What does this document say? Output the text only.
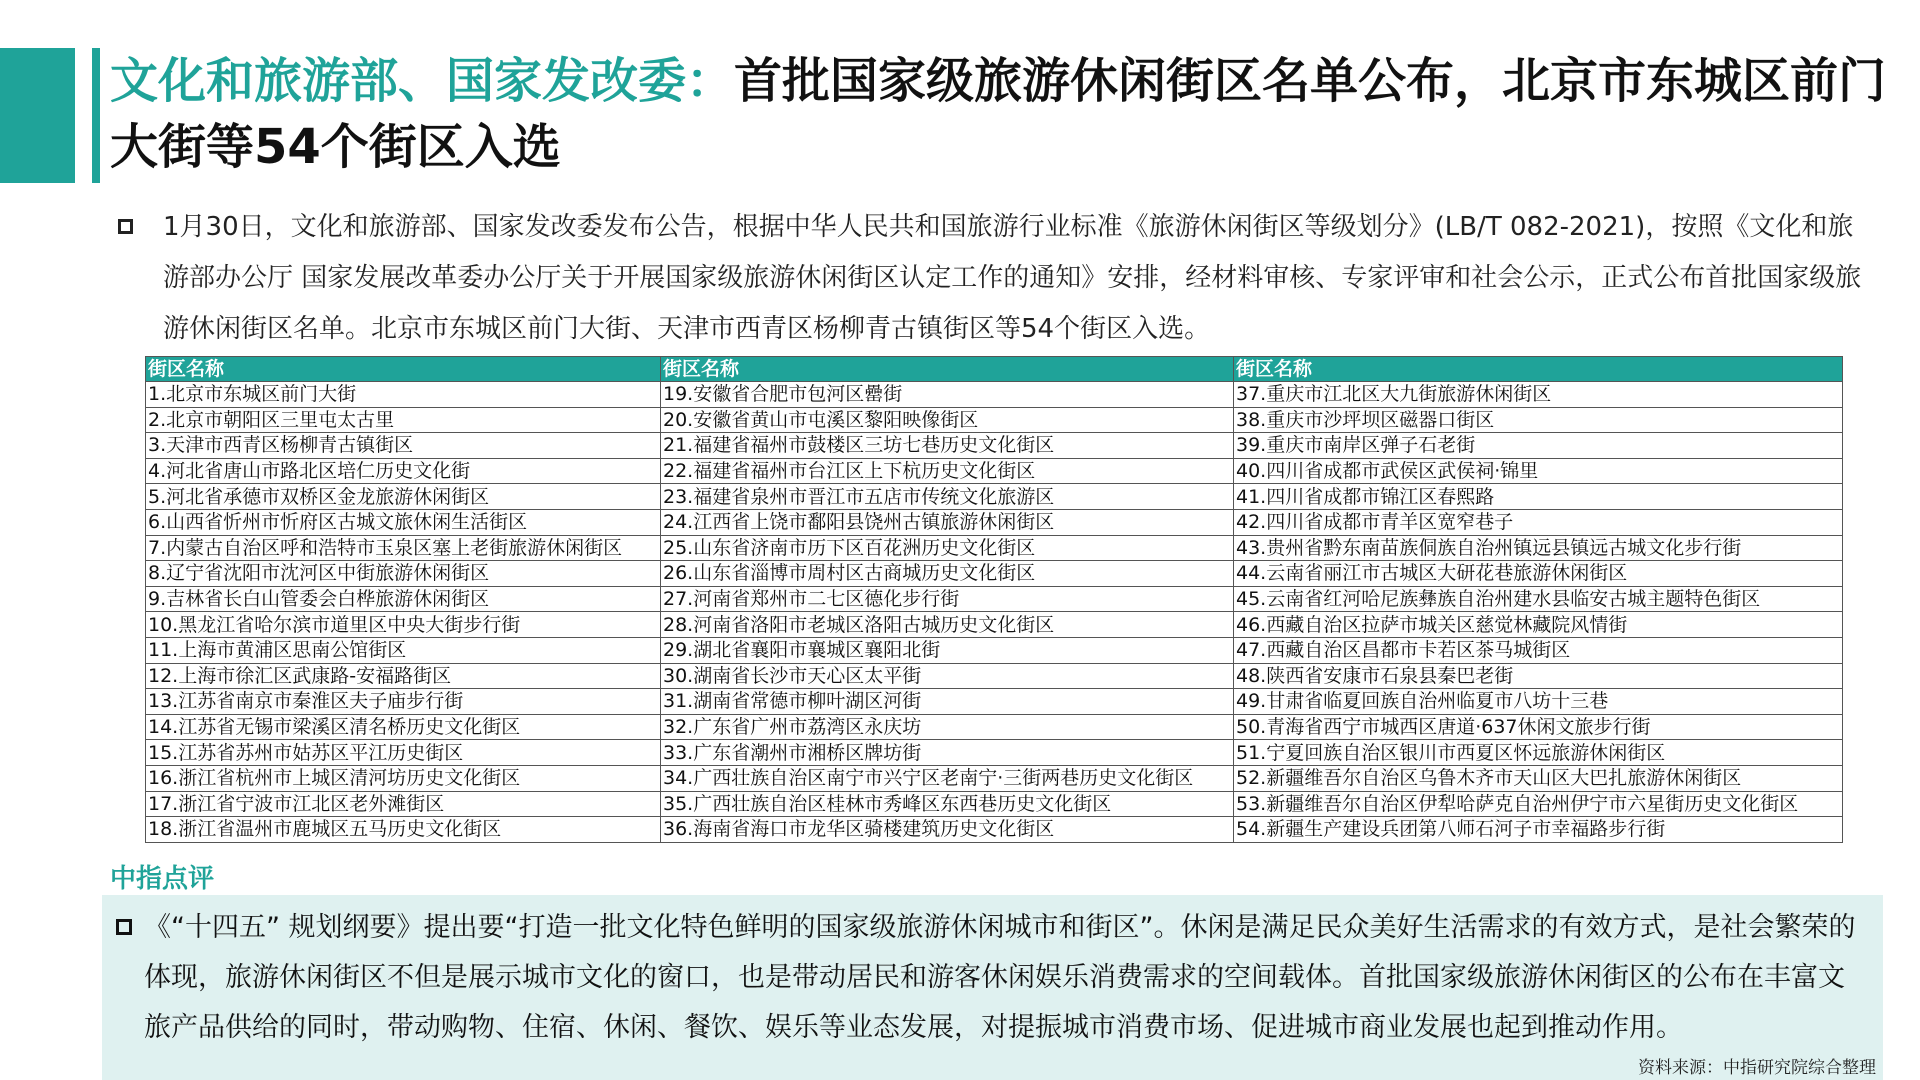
文化和旅游部、国家发改委：首批国家级旅游休闲街区名单公布，北京市东城区前门大街等54个街区入选
1月30日，文化和旅游部、国家发改委发布公告，根据中华人民共和国旅游行业标准《旅游休闲街区等级划分》(LB/T 082-2021)，按照《文化和旅游部办公厅 国家发展改革委办公厅关于开展国家级旅游休闲街区认定工作的通知》安排，经材料审核、专家评审和社会公示，正式公布首批国家级旅游休闲街区名单。北京市东城区前门大街、天津市西青区杨柳青古镇街区等54个街区入选。
街区名称	街区名称	街区名称
1.北京市东城区前门大街	19.安徽省合肥市包河区罍街	37.重庆市江北区大九街旅游休闲街区
2.北京市朝阳区三里屯太古里	20.安徽省黄山市屯溪区黎阳映像街区	38.重庆市沙坪坝区磁器口街区
3.天津市西青区杨柳青古镇街区	21.福建省福州市鼓楼区三坊七巷历史文化街区	39.重庆市南岸区弹子石老街
4.河北省唐山市路北区培仁历史文化街	22.福建省福州市台江区上下杭历史文化街区	40.四川省成都市武侯区武侯祠·锦里
5.河北省承德市双桥区金龙旅游休闲街区	23.福建省泉州市晋江市五店市传统文化旅游区	41.四川省成都市锦江区春熙路
6.山西省忻州市忻府区古城文旅休闲生活街区	24.江西省上饶市鄱阳县饶州古镇旅游休闲街区	42.四川省成都市青羊区宽窄巷子
7.内蒙古自治区呼和浩特市玉泉区塞上老街旅游休闲街区	25.山东省济南市历下区百花洲历史文化街区	43.贵州省黔东南苗族侗族自治州镇远县镇远古城文化步行街
8.辽宁省沈阳市沈河区中街旅游休闲街区	26.山东省淄博市周村区古商城历史文化街区	44.云南省丽江市古城区大研花巷旅游休闲街区
9.吉林省长白山管委会白桦旅游休闲街区	27.河南省郑州市二七区德化步行街	45.云南省红河哈尼族彝族自治州建水县临安古城主题特色街区
10.黑龙江省哈尔滨市道里区中央大街步行街	28.河南省洛阳市老城区洛阳古城历史文化街区	46.西藏自治区拉萨市城关区慈觉林藏院风情街
11.上海市黄浦区思南公馆街区	29.湖北省襄阳市襄城区襄阳北街	47.西藏自治区昌都市卡若区茶马城街区
12.上海市徐汇区武康路-安福路街区	30.湖南省长沙市天心区太平街	48.陕西省安康市石泉县秦巴老街
13.江苏省南京市秦淮区夫子庙步行街	31.湖南省常德市柳叶湖区河街	49.甘肃省临夏回族自治州临夏市八坊十三巷
14.江苏省无锡市梁溪区清名桥历史文化街区	32.广东省广州市荔湾区永庆坊	50.青海省西宁市城西区唐道·637休闲文旅步行街
15.江苏省苏州市姑苏区平江历史街区	33.广东省潮州市湘桥区牌坊街	51.宁夏回族自治区银川市西夏区怀远旅游休闲街区
16.浙江省杭州市上城区清河坊历史文化街区	34.广西壮族自治区南宁市兴宁区老南宁·三街两巷历史文化街区	52.新疆维吾尔自治区乌鲁木齐市天山区大巴扎旅游休闲街区
17.浙江省宁波市江北区老外滩街区	35.广西壮族自治区桂林市秀峰区东西巷历史文化街区	53.新疆维吾尔自治区伊犁哈萨克自治州伊宁市六星街历史文化街区
18.浙江省温州市鹿城区五马历史文化街区	36.海南省海口市龙华区骑楼建筑历史文化街区	54.新疆生产建设兵团第八师石河子市幸福路步行街
中指点评
《“十四五” 规划纲要》提出要“打造一批文化特色鲜明的国家级旅游休闲城市和街区”。休闲是满足民众美好生活需求的有效方式，是社会繁荣的体现，旅游休闲街区不但是展示城市文化的窗口，也是带动居民和游客休闲娱乐消费需求的空间载体。首批国家级旅游休闲街区的公布在丰富文旅产品供给的同时，带动购物、住宿、休闲、餐饮、娱乐等业态发展，对提振城市消费市场、促进城市商业发展也起到推动作用。
资料来源：中指研究院综合整理
